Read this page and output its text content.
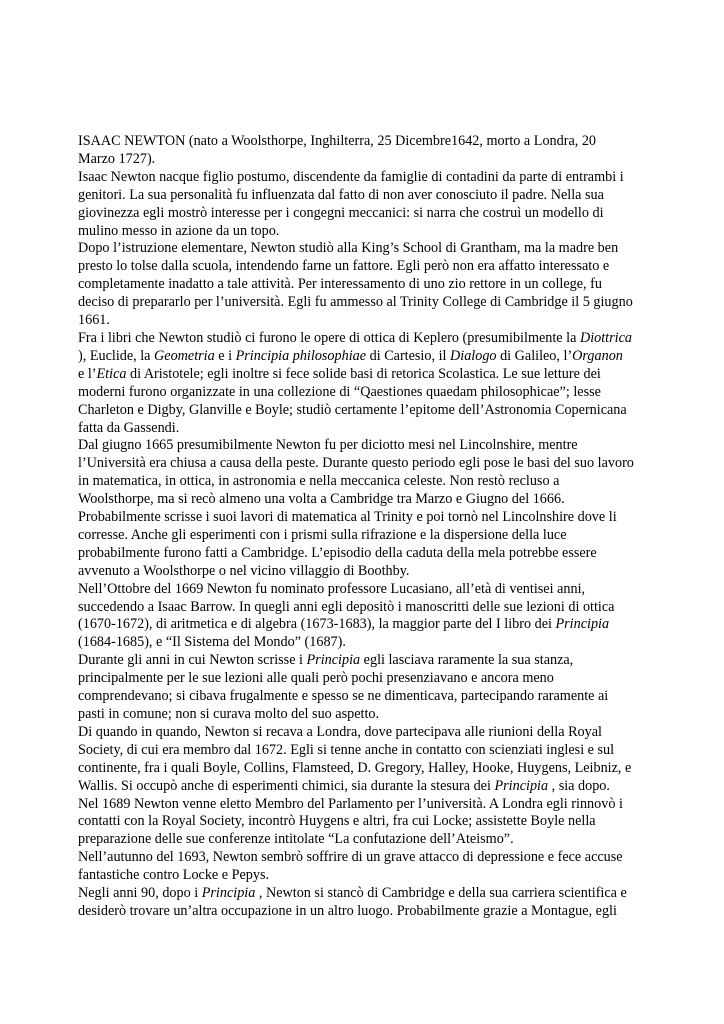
ISAAC NEWTON (nato a Woolsthorpe, Inghilterra, 25 Dicembre1642, morto a Londra, 20
Marzo 1727).
Isaac Newton nacque figlio postumo, discendente da famiglie di contadini da parte di entrambi i
genitori. La sua personalità fu influenzata dal fatto di non aver conosciuto il padre. Nella sua
giovinezza egli mostrò interesse per i congegni meccanici: si narra che costruì un modello di
mulino messo in azione da un topo.
Dopo l’istruzione elementare, Newton studiò alla King’s School di Grantham, ma la madre ben
presto lo tolse dalla scuola, intendendo farne un fattore. Egli però non era affatto interessato e
completamente inadatto a tale attività. Per interessamento di uno zio rettore in un college, fu
deciso di prepararlo per l’università. Egli fu ammesso al Trinity College di Cambridge il 5 giugno
1661.
Fra i libri che Newton studiò ci furono le opere di ottica di Keplero (presumibilmente la Diottrica
), Euclide, la Geometria e i Principia philosophiae di Cartesio, il Dialogo di Galileo, l’Organon
e l’Etica di Aristotele; egli inoltre si fece solide basi di retorica Scolastica. Le sue letture dei
moderni furono organizzate in una collezione di “Qaestiones quaedam philosophicae”; lesse
Charleton e Digby, Glanville e Boyle; studiò certamente l’epitome dell’Astronomia Copernicana
fatta da Gassendi.
Dal giugno 1665 presumibilmente Newton fu per diciotto mesi nel Lincolnshire, mentre
l’Università era chiusa a causa della peste. Durante questo periodo egli pose le basi del suo lavoro
in matematica, in ottica, in astronomia e nella meccanica celeste. Non restò recluso a
Woolsthorpe, ma si recò almeno una volta a Cambridge tra Marzo e Giugno del 1666.
Probabilmente scrisse i suoi lavori di matematica al Trinity e poi tornò nel Lincolnshire dove li
corresse. Anche gli esperimenti con i prismi sulla rifrazione e la dispersione della luce
probabilmente furono fatti a Cambridge. L’episodio della caduta della mela potrebbe essere
avvenuto a Woolsthorpe o nel vicino villaggio di Boothby.
Nell’Ottobre del 1669 Newton fu nominato professore Lucasiano, all’età di ventisei anni,
succedendo a Isaac Barrow. In quegli anni egli depositò i manoscritti delle sue lezioni di ottica
(1670-1672), di aritmetica e di algebra (1673-1683), la maggior parte del I libro dei Principia
(1684-1685), e “Il Sistema del Mondo” (1687).
Durante gli anni in cui Newton scrisse i Principia egli lasciava raramente la sua stanza,
principalmente per le sue lezioni alle quali però pochi presenziavano e ancora meno
comprendevano; si cibava frugalmente e spesso se ne dimenticava, partecipando raramente ai
pasti in comune; non si curava molto del suo aspetto.
Di quando in quando, Newton si recava a Londra, dove partecipava alle riunioni della Royal
Society, di cui era membro dal 1672. Egli si tenne anche in contatto con scienziati inglesi e sul
continente, fra i quali Boyle, Collins, Flamsteed, D. Gregory, Halley, Hooke, Huygens, Leibniz, e
Wallis. Si occupò anche di esperimenti chimici, sia durante la stesura dei Principia , sia dopo.
Nel 1689 Newton venne eletto Membro del Parlamento per l’università. A Londra egli rinnovò i
contatti con la Royal Society, incontrò Huygens e altri, fra cui Locke; assistette Boyle nella
preparazione delle sue conferenze intitolate “La confutazione dell’Ateismo”.
Nell’autunno del 1693, Newton sembrò soffrire di un grave attacco di depressione e fece accuse
fantastiche contro Locke e Pepys.
Negli anni 90, dopo i Principia , Newton si stancò di Cambridge e della sua carriera scientifica e
desiderò trovare un’altra occupazione in un altro luogo. Probabilmente grazie a Montague, egli
